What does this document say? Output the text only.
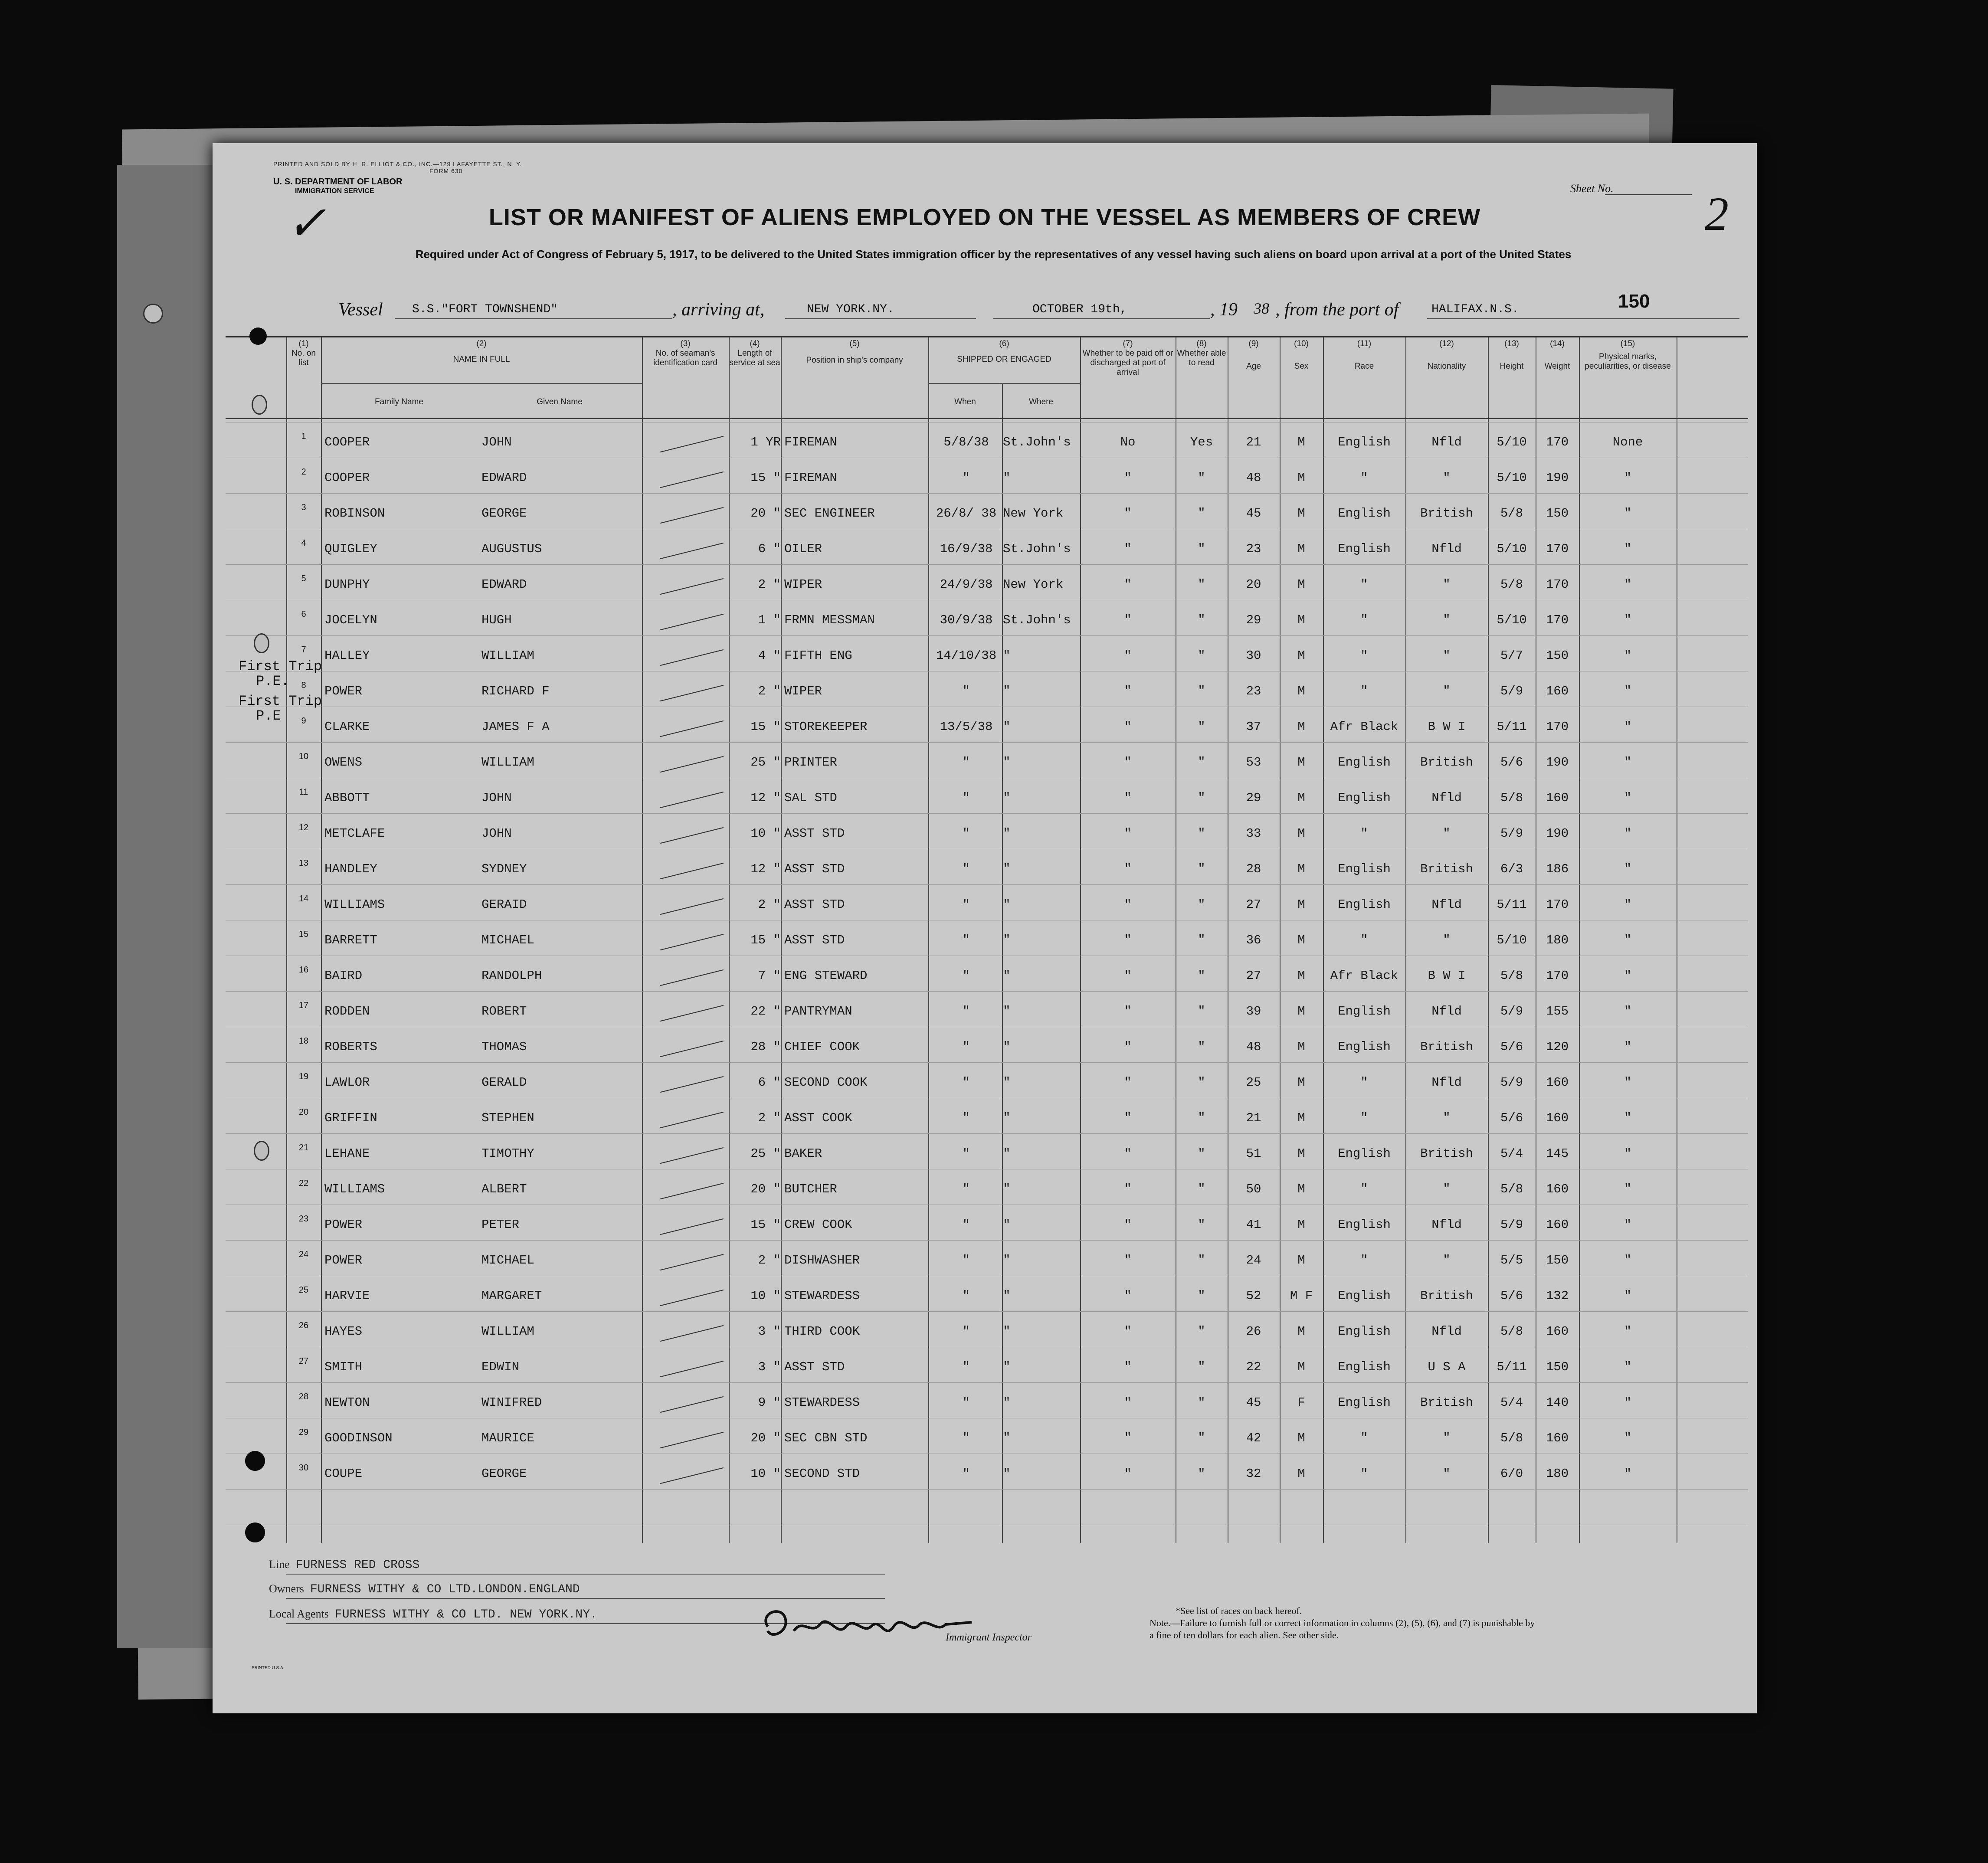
PRINTED AND SOLD BY H. R. ELLIOT & CO., INC.—129 LAFAYETTE ST., N. Y.
FORM 630
U. S. DEPARTMENT OF LABOR
IMMIGRATION SERVICE	Sheet No.
LIST OR MANIFEST OF ALIENS EMPLOYED ON THE VESSEL AS MEMBERS OF CREW
Required under Act of Congress of February 5, 1917, to be delivered to the United States immigration officer by the representatives of any vessel having such aliens on board upon arrival at a port of the United States
✓	2
Vessel S.S."FORT TOWNSHEND"	, arriving at,	NEW YORK.NY.	OCTOBER 19th,	, 19 38 , from the port of	HALIFAX.N.S.	150
(1)
No. on list
(2)
NAME IN FULL
Family Name	Given Name
(3)
No. of seaman's identification card
(4)
Length of service at sea
(5)
Position in ship's company
(6)
SHIPPED OR ENGAGED
When	Where
(7)
Whether to be paid off or discharged at port of arrival
(8)
Whether able to read
(9)
Age
(10)
Sex
(11)
Race
(12)
Nationality
(13)
Height
(14)
Weight
(15)
Physical marks, peculiarities, or disease
1	COOPER	JOHN	1 YR FIREMAN	5/8/38	St.John's	No	Yes	21	M	English	Nfld	5/10	170	None
2	COOPER	EDWARD	15 " FIREMAN	"	"	"	"	48	M	"	"	5/10	190	"
3	ROBINSON	GEORGE	20 " SEC ENGINEER	26/8/ 38 New York	"	"	45	M	English	British	5/8	150	"
4	QUIGLEY	AUGUSTUS	6 " OILER	16/9/38 St.John's	"	"	23	M	English	Nfld	5/10	170	"
5	DUNPHY	EDWARD	2 " WIPER	24/9/38 New York	"	"	20	M	"	"	5/8	170	"
6	JOCELYN	HUGH	1 " FRMN MESSMAN	30/9/38 St.John's	"	"	29	M	"	"	5/10	170	"
7	HALLEY	WILLIAM	4 " FIFTH ENG	14/10/38 "	"	"	30	M	"	"	5/7	150	"
8	POWER	RICHARD F	2 " WIPER	"	"	"	"	23	M	"	"	5/9	160	"
9	CLARKE	JAMES F A	15 " STOREKEEPER	13/5/38 "	"	"	37	M	Afr Black	B W I	5/11	170	"
10	OWENS	WILLIAM	25 " PRINTER	"	"	"	"	53	M	English	British	5/6	190	"
11	ABBOTT	JOHN	12 " SAL STD	"	"	"	"	29	M	English	Nfld	5/8	160	"
12	METCLAFE	JOHN	10 " ASST STD	"	"	"	"	33	M	"	"	5/9	190	"
13	HANDLEY	SYDNEY	12 " ASST STD	"	"	"	"	28	M	English	British	6/3	186	"
14	WILLIAMS	GERAID	2 " ASST STD	"	"	"	"	27	M	English	Nfld	5/11	170	"
15	BARRETT	MICHAEL	15 " ASST STD	"	"	"	"	36	M	"	"	5/10	180	"
16	BAIRD	RANDOLPH	7 " ENG STEWARD	"	"	"	"	27	M	Afr Black	B W I	5/8	170	"
17	RODDEN	ROBERT	22 " PANTRYMAN	"	"	"	"	39	M	English	Nfld	5/9	155	"
18	ROBERTS	THOMAS	28 " CHIEF COOK	"	"	"	"	48	M	English	British	5/6	120	"
19	LAWLOR	GERALD	6 " SECOND COOK	"	"	"	"	25	M	"	Nfld	5/9	160	"
20	GRIFFIN	STEPHEN	2 " ASST COOK	"	"	"	"	21	M	"	"	5/6	160	"
21	LEHANE	TIMOTHY	25 " BAKER	"	"	"	"	51	M	English	British	5/4	145	"
22	WILLIAMS	ALBERT	20 " BUTCHER	"	"	"	"	50	M	"	"	5/8	160	"
23	POWER	PETER	15 " CREW COOK	"	"	"	"	41	M	English	Nfld	5/9	160	"
24	POWER	MICHAEL	2 " DISHWASHER	"	"	"	"	24	M	"	"	5/5	150	"
25	HARVIE	MARGARET	10 " STEWARDESS	"	"	"	"	52	M F	English	British	5/6	132	"
26	HAYES	WILLIAM	3 " THIRD COOK	"	"	"	"	26	M	English	Nfld	5/8	160	"
27	SMITH	EDWIN	3 " ASST STD	"	"	"	"	22	M	English	U S A	5/11	150	"
28	NEWTON	WINIFRED	9 " STEWARDESS	"	"	"	"	45	F	English	British	5/4	140	"
29	GOODINSON	MAURICE	20 " SEC CBN STD	"	"	"	"	42	M	"	"	5/8	160	"
30	COUPE	GEORGE	10 " SECOND STD	"	"	"	"	32	M	"	"	6/0	180	"
First Trip
P.E.
First Trip
P.E
Line FURNESS RED CROSS
Owners FURNESS WITHY & CO LTD.LONDON.ENGLAND
Local Agents FURNESS WITHY & CO LTD. NEW YORK.NY.
Immigrant Inspector
*See list of races on back hereof.
Note.—Failure to furnish full or correct information in columns (2), (5), (6), and (7) is punishable by a fine of ten dollars for each alien. See other side.
PRINTED U.S.A.
